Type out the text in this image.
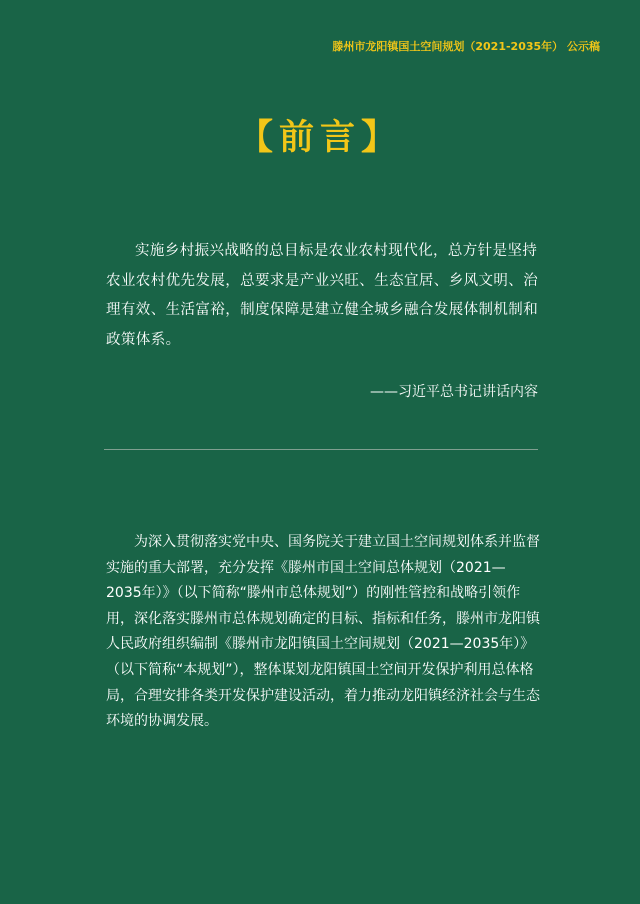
滕州市龙阳镇国土空间规划（2021-2035年） 公示稿
【前言】

实施乡村振兴战略的总目标是农业农村现代化，总方针是坚持农业农村优先发展，总要求是产业兴旺、生态宜居、乡风文明、治理有效、生活富裕，制度保障是建立健全城乡融合发展体制机制和政策体系。

——习近平总书记讲话内容

为深入贯彻落实党中央、国务院关于建立国土空间规划体系并监督实施的重大部署，充分发挥《滕州市国土空间总体规划（2021—2035年）》（以下简称“滕州市总体规划”）的刚性管控和战略引领作用，深化落实滕州市总体规划确定的目标、指标和任务，滕州市龙阳镇人民政府组织编制《滕州市龙阳镇国土空间规划（2021—2035年）》（以下简称“本规划”），整体谋划龙阳镇国土空间开发保护利用总体格局，合理安排各类开发保护建设活动，着力推动龙阳镇经济社会与生态环境的协调发展。
